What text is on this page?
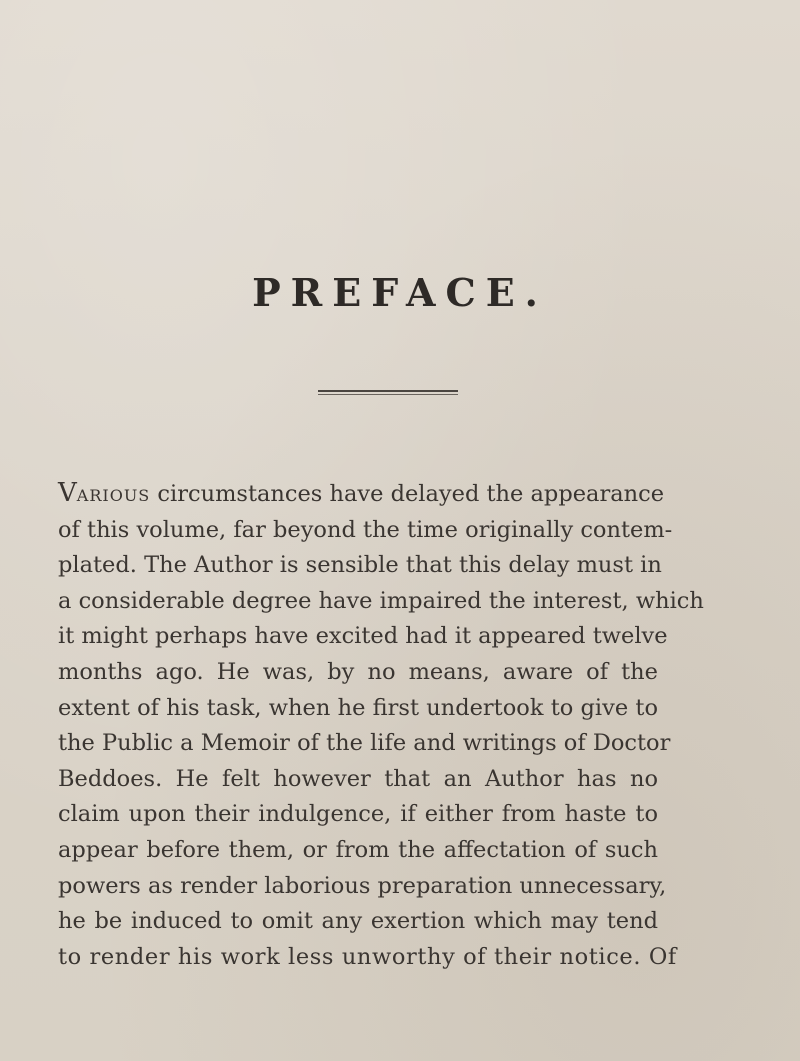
PREFACE.
Various circumstances have delayed the appearance
of this volume, far beyond the time originally contem-
plated. The Author is sensible that this delay must in
a considerable degree have impaired the interest, which
it might perhaps have excited had it appeared twelve
months ago. He was, by no means, aware of the
extent of his task, when he first undertook to give to
the Public a Memoir of the life and writings of Doctor
Beddoes. He felt however that an Author has no
claim upon their indulgence, if either from haste to
appear before them, or from the affectation of such
powers as render laborious preparation unnecessary,
he be induced to omit any exertion which may tend
to render his work less unworthy of their notice. Of
